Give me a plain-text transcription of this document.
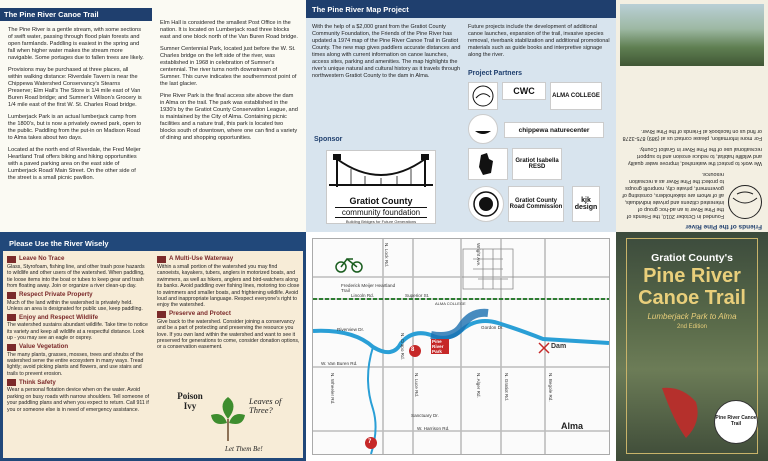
The Pine River Canoe Trail

The Pine River is a gentle stream, with some sections of swift water, passing through flood plain forests and open farmlands. Paddling is easiest in the spring and fall when higher water makes the stream more navigable. Some portages due to fallen trees are likely.

Provisions may be purchased at three places, all within walking distance: Riverdale Tavern is near the Chippewa Watershed Conservancy's Stearns Preserve; Elm Hall's The Store is 1/4 mile east of Van Buren Road bridge; and Sumner's Wilson's Grocery is 1/4 mile east of the first W. St. Charles Road bridge.

Lumberjack Park is an actual lumberjack camp from the 1800's, but is now a privately owned park, open to the public. Paddling from the put-in on Madison Road to Alma takes about two days.

Located at the north end of Riverdale, the Fred Meijer Heartland Trail offers biking and hiking opportunities with a paved parking area on the east side of Lumberjack Road/ Main Street. On the other side of the street is a small picnic pavilion.

Elm Hall is considered the smallest Post Office in the nation. It is located on Lumberjack road three blocks east and one block north of the Van Buren Road bridge.

Sumner Centennial Park, located just before the W. St. Charles bridge on the left side of the river, was established in 1968 in celebration of Sumner's centennial. The river turns north downstream of Sumner. This curve indicates the southernmost point of the last glacier.

Pine River Park is the final access site above the dam in Alma on the trail. The park was established in the 1930's by the Gratiot County Conservation League, and is maintained by the City of Alma. Containing picnic facilities and a nature trail, this park is located two blocks south of downtown, where one can find a variety of dining and shopping opportunities.

The Pine River Map Project
With the help of a $2,000 grant from the Gratiot County Community Foundation, the Friends of the Pine River has updated a 1974 map of the Pine River Canoe Trail in Gratiot County. The new map gives paddlers accurate distances and times along with current information on canoe launches, access sites, parking and amenities. The map highlights the river's unique natural and cultural history as it travels through northwestern Gratiot County to the dam in Alma.
Future projects include the development of additional canoe launches, expansion of the trail, invasive species removal, riverbank stabilization and additional promotional materials such as guide books and interpretive signage along the river.
Sponsor
Gratiot County
community foundation
Building Bridges for Future Generations
Project Partners
CWC	ALMA COLLEGE
chippewa naturecenter
Gratiot Isabella RESD
Gratiot County Road Commission
kjk design
Friends of the Pine River

Founded in October 2010, the Friends of the Pine River is an ad-hoc group of interested citizens and private individuals, all of whom are stakeholders, consisting of government, private city, nonprofit groups to protect the Pine River as a recreation resource.

We work to protect the watershed, improve water quality and wildlife habitat, to reduce erosion and to support recreational use of the Pine River in Gratiot County.

For more information, please contact us at (989) 875-3278 or find us on facebook at Friends of the Pine River.

Please Use the River Wisely
Leave No Trace

Glass, Styrofoam, fishing line, and other trash pose hazards to wildlife and other users of the watershed. When paddling, tie loose items into the boat or tubes to keep gear and trash from floating away. Join or organize a river clean-up day.

Respect Private Property

Much of the land within the watershed is privately held. Unless an area is designated for public use, keep paddling.

Enjoy and Respect Wildlife

The watershed sustains abundant wildlife. Take time to notice its variety and keep all wildlife at a respectful distance. Look up - you may see an eagle or osprey.

Value Vegetation

The many plants, grasses, mosses, trees and shrubs of the watershed serve the entire ecosystem in many ways. Tread lightly; avoid picking plants and flowers, and use stairs and trails to prevent erosion.

Think Safety

Wear a personal flotation device when on the water. Avoid parking on busy roads with narrow shoulders. Tell someone of your paddling plans and when you expect to return. Call 911 if you or someone else is in need of emergency assistance.

A Multi-Use Waterway

Within a small portion of the watershed you may find canoeists, kayakers, tubers, anglers in motorized boats, and swimmers, as well as hikers, anglers and bird-watchers along its banks. Avoid paddling over fishing lines, motoring too close to swimmers and smaller boats, and frightening wildlife. Avoid loud and inappropriate language. Respect everyone's right to enjoy the watershed.

Preserve and Protect

Give back to the watershed. Consider joining a conservancy and be a part of protecting and preserving the resource you love. If you own land within the watershed and want to see it preserved for generations to come, consider donation options, or a conservation easement.

Poison Ivy	Leaves of Three?
Let Them Be!
Frederick Meijer Heartland Trail
Lincoln Rd.	Superior St.
N. Lock Rd.
Riverview Dr.
N. Crapo Rd.
W. Van Buren Rd.
N. Wheeler Rd.	N. Luce Rd.
Sanctuary Dr.
W. Harrison Rd.
N. Alger Rd.	N. Gratiot Rd.	N. Begole Rd.
Wright Ave.
Gordon Dr.
Pine River Park
Dam
Alma
ALMA COLLEGE
8
7
Gratiot County's
Pine River
Canoe Trail
Lumberjack Park to Alma
2nd Edition
Pine River Canoe Trail
